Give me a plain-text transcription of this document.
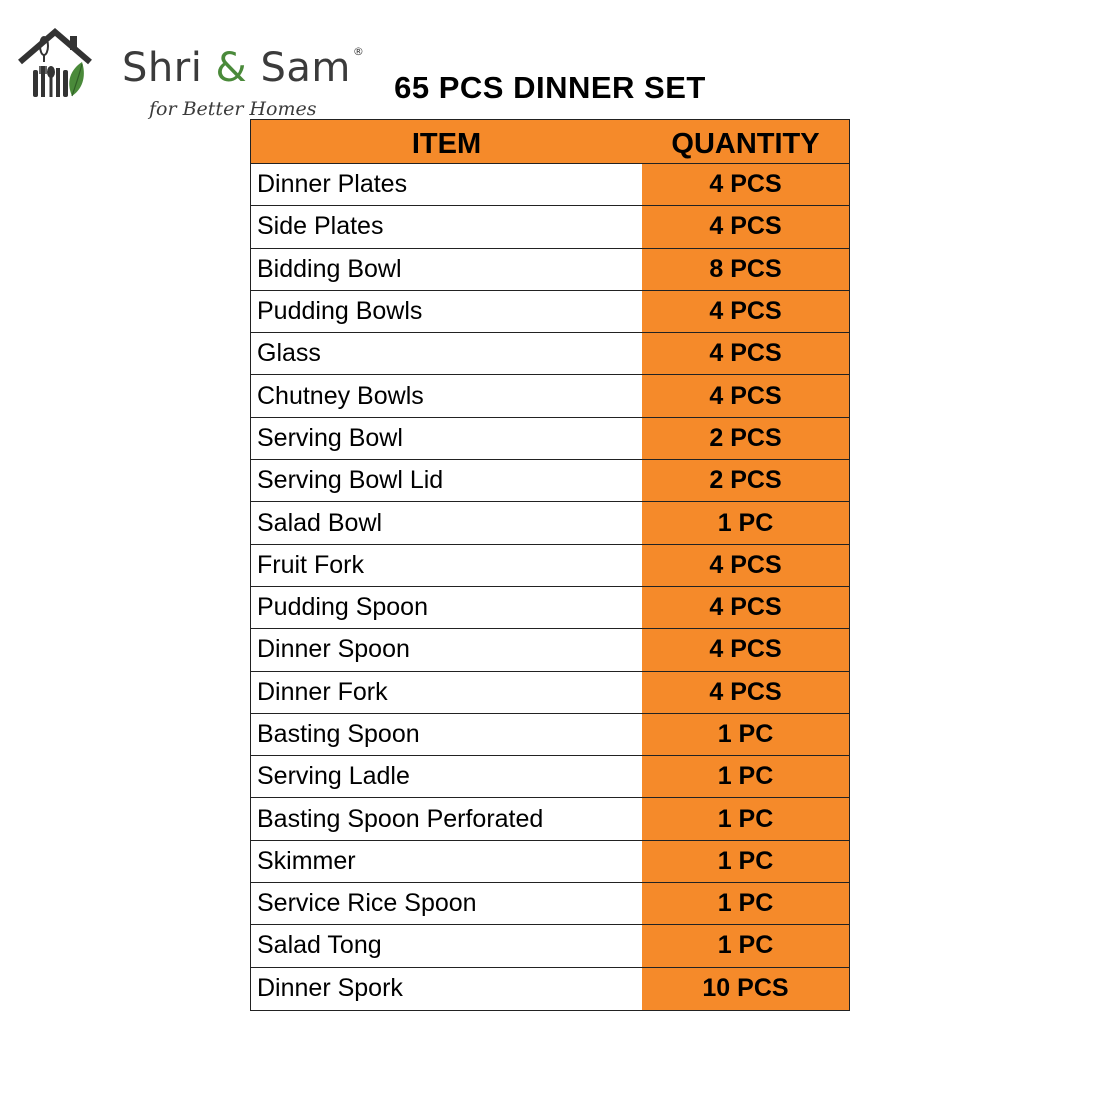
Shri & Sam ®
for Better Homes
65 PCS DINNER SET
ITEM	QUANTITY
Dinner Plates	4 PCS
Side Plates	4 PCS
Bidding Bowl	8 PCS
Pudding Bowls	4 PCS
Glass	4 PCS
Chutney Bowls	4 PCS
Serving Bowl	2 PCS
Serving Bowl Lid	2 PCS
Salad Bowl	1 PC
Fruit Fork	4 PCS
Pudding Spoon	4 PCS
Dinner Spoon	4 PCS
Dinner Fork	4 PCS
Basting Spoon	1 PC
Serving Ladle	1 PC
Basting Spoon Perforated	1 PC
Skimmer	1 PC
Service Rice Spoon	1 PC
Salad Tong	1 PC
Dinner Spork	10 PCS
